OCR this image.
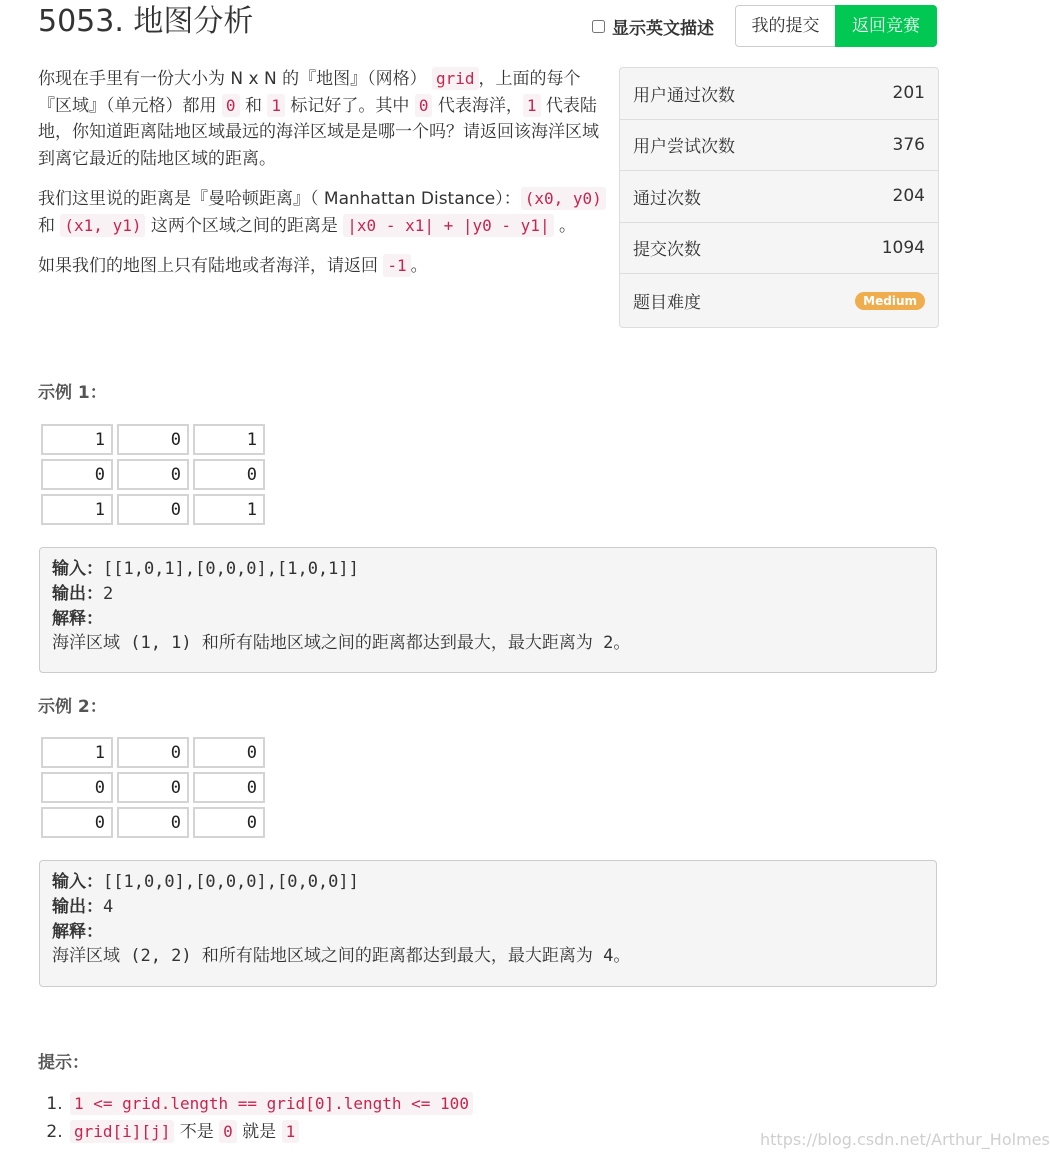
5053. 地图分析	显示英文描述	我的提交	返回竞赛

你现在手里有一份大小为 N x N 的『地图』（网格） grid ，上面的每个『区域』（单元格）都用 0 和 1 标记好了。其中 0 代表海洋， 1 代表陆地，你知道距离陆地区域最远的海洋区域是是哪一个吗？请返回该海洋区域到离它最近的陆地区域的距离。

我们这里说的距离是『曼哈顿距离』（ Manhattan Distance）： (x0, y0) 和 (x1, y1) 这两个区域之间的距离是 |x0 - x1| + |y0 - y1| 。

如果我们的地图上只有陆地或者海洋，请返回 -1 。

用户通过次数	201
用户尝试次数	376
通过次数	204
提交次数	1094
题目难度	Medium
示例 1：
1	0	1
0	0	0
1	0	1
输入：[[1,0,1],[0,0,0],[1,0,1]]
输出：2
解释：
海洋区域 (1, 1) 和所有陆地区域之间的距离都达到最大，最大距离为 2。
示例 2：
1	0	0
0	0	0
0	0	0
输入：[[1,0,0],[0,0,0],[0,0,0]]
输出：4
解释：
海洋区域 (2, 2) 和所有陆地区域之间的距离都达到最大，最大距离为 4。
提示：
1. 1 <= grid.length == grid[0].length <= 100
2. grid[i][j] 不是 0 就是 1	https://blog.csdn.net/Arthur_Holmes
